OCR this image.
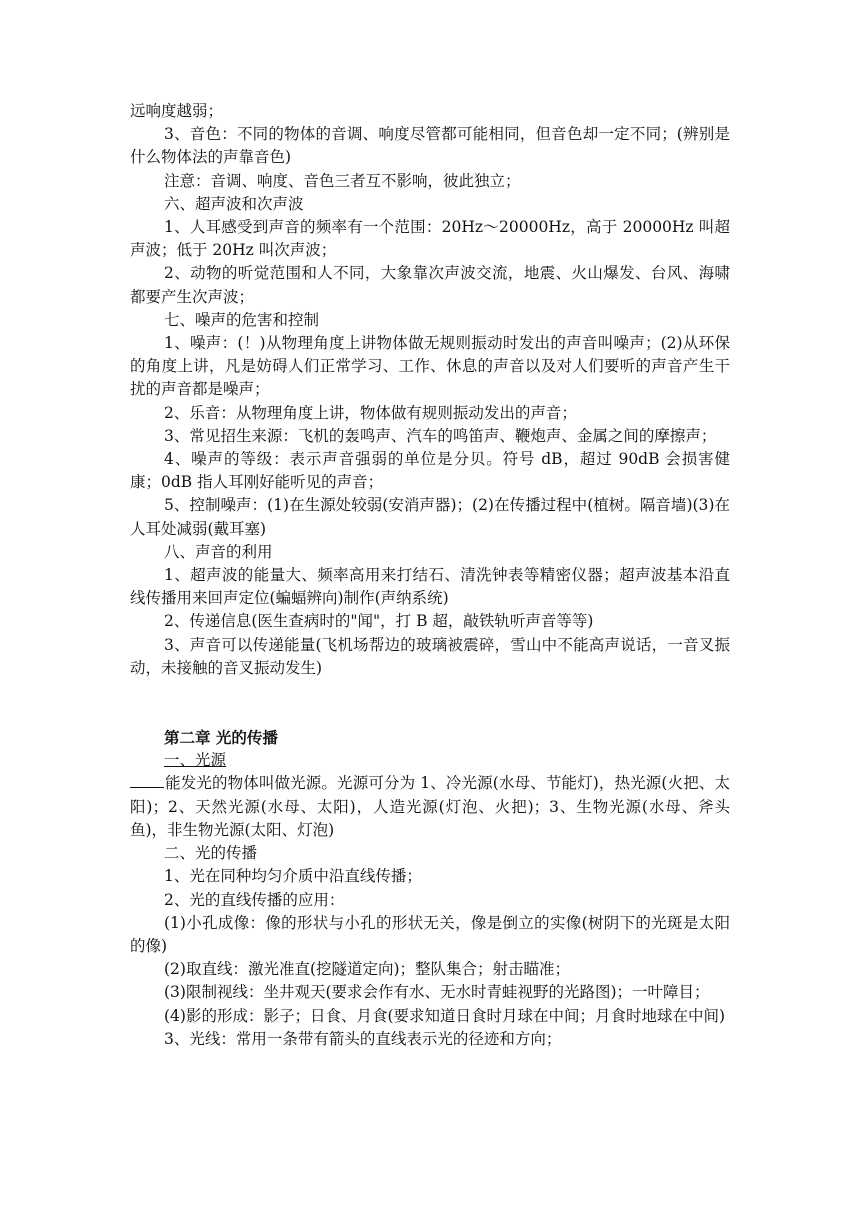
远响度越弱；

3、音色：不同的物体的音调、响度尽管都可能相同，但音色却一定不同；(辨别是什么物体法的声靠音色)

注意：音调、响度、音色三者互不影响，彼此独立；

六、超声波和次声波

1、人耳感受到声音的频率有一个范围：20Hz～20000Hz，高于 20000Hz 叫超声波；低于 20Hz 叫次声波；

2、动物的听觉范围和人不同，大象靠次声波交流，地震、火山爆发、台风、海啸都要产生次声波；

七、噪声的危害和控制

1、噪声：(！)从物理角度上讲物体做无规则振动时发出的声音叫噪声；(2)从环保的角度上讲，凡是妨碍人们正常学习、工作、休息的声音以及对人们要听的声音产生干扰的声音都是噪声；

2、乐音：从物理角度上讲，物体做有规则振动发出的声音；

3、常见招生来源：飞机的轰鸣声、汽车的鸣笛声、鞭炮声、金属之间的摩擦声；

4、噪声的等级：表示声音强弱的单位是分贝。符号 dB，超过 90dB 会损害健康；0dB 指人耳刚好能听见的声音；

5、控制噪声：(1)在生源处较弱(安消声器)；(2)在传播过程中(植树。隔音墙)(3)在人耳处减弱(戴耳塞)

八、声音的利用

1、超声波的能量大、频率高用来打结石、清洗钟表等精密仪器；超声波基本沿直线传播用来回声定位(蝙蝠辨向)制作(声纳系统)

2、传递信息(医生查病时的"闻"，打 B 超，敲铁轨听声音等等)

3、声音可以传递能量(飞机场帮边的玻璃被震碎，雪山中不能高声说话，一音叉振动，未接触的音叉振动发生)

第二章 光的传播

一、光源

能发光的物体叫做光源。光源可分为 1、冷光源(水母、节能灯)，热光源(火把、太阳)；2、天然光源(水母、太阳)，人造光源(灯泡、火把)；3、生物光源(水母、斧头鱼)，非生物光源(太阳、灯泡)

二、光的传播

1、光在同种均匀介质中沿直线传播；

2、光的直线传播的应用：

(1)小孔成像：像的形状与小孔的形状无关，像是倒立的实像(树阴下的光斑是太阳的像)

(2)取直线：激光准直(挖隧道定向)；整队集合；射击瞄准；

(3)限制视线：坐井观天(要求会作有水、无水时青蛙视野的光路图)；一叶障目；

(4)影的形成：影子；日食、月食(要求知道日食时月球在中间；月食时地球在中间)

3、光线：常用一条带有箭头的直线表示光的径迹和方向；
